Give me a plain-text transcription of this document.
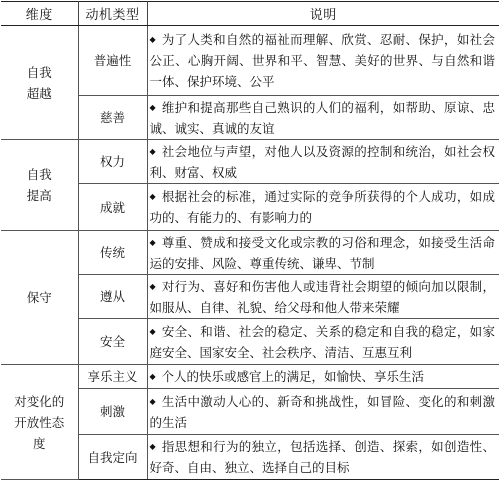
维度	动机类型	说明
自我超越	普遍性	◆ 为了人类和自然的福祉而理解、欣赏、忍耐、保护，如社会公正、心胸开阔、世界和平、智慧、美好的世界、与自然和谐一体、保护环境、公平
	慈善	◆ 维护和提高那些自己熟识的人们的福利，如帮助、原谅、忠诚、诚实、真诚的友谊
自我提高	权力	◆ 社会地位与声望，对他人以及资源的控制和统治，如社会权利、财富、权威
	成就	◆ 根据社会的标准，通过实际的竞争所获得的个人成功，如成功的、有能力的、有影响力的
保守	传统	◆ 尊重、赞成和接受文化或宗教的习俗和理念，如接受生活命运的安排、风险、尊重传统、谦卑、节制
	遵从	◆ 对行为、喜好和伤害他人或违背社会期望的倾向加以限制，如服从、自律、礼貌、给父母和他人带来荣耀
	安全	◆ 安全、和谐、社会的稳定、关系的稳定和自我的稳定，如家庭安全、国家安全、社会秩序、清洁、互惠互利
对变化的开放性态度	享乐主义	◆ 个人的快乐或感官上的满足，如愉快、享乐生活
	刺激	◆ 生活中激动人心的、新奇和挑战性，如冒险、变化的和刺激的生活
	自我定向	◆ 指思想和行为的独立，包括选择、创造、探索，如创造性、好奇、自由、独立、选择自己的目标
